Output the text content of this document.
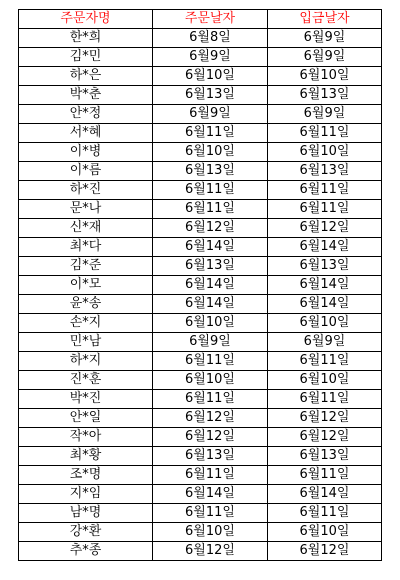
주문자명	주문날자	입금날자
한*희	6월8일	6월9일
김*민	6월9일	6월9일
하*은	6월10일	6월10일
박*춘	6월13일	6월13일
안*정	6월9일	6월9일
서*혜	6월11일	6월11일
이*병	6월10일	6월10일
이*름	6월13일	6월13일
하*진	6월11일	6월11일
문*나	6월11일	6월11일
신*재	6월12일	6월12일
최*다	6월14일	6월14일
김*준	6월13일	6월13일
이*모	6월14일	6월14일
윤*송	6월14일	6월14일
손*지	6월10일	6월10일
민*남	6월9일	6월9일
하*지	6월11일	6월11일
진*훈	6월10일	6월10일
박*진	6월11일	6월11일
안*일	6월12일	6월12일
작*아	6월12일	6월12일
최*황	6월13일	6월13일
조*명	6월11일	6월11일
지*임	6월14일	6월14일
남*명	6월11일	6월11일
강*환	6월10일	6월10일
추*종	6월12일	6월12일
